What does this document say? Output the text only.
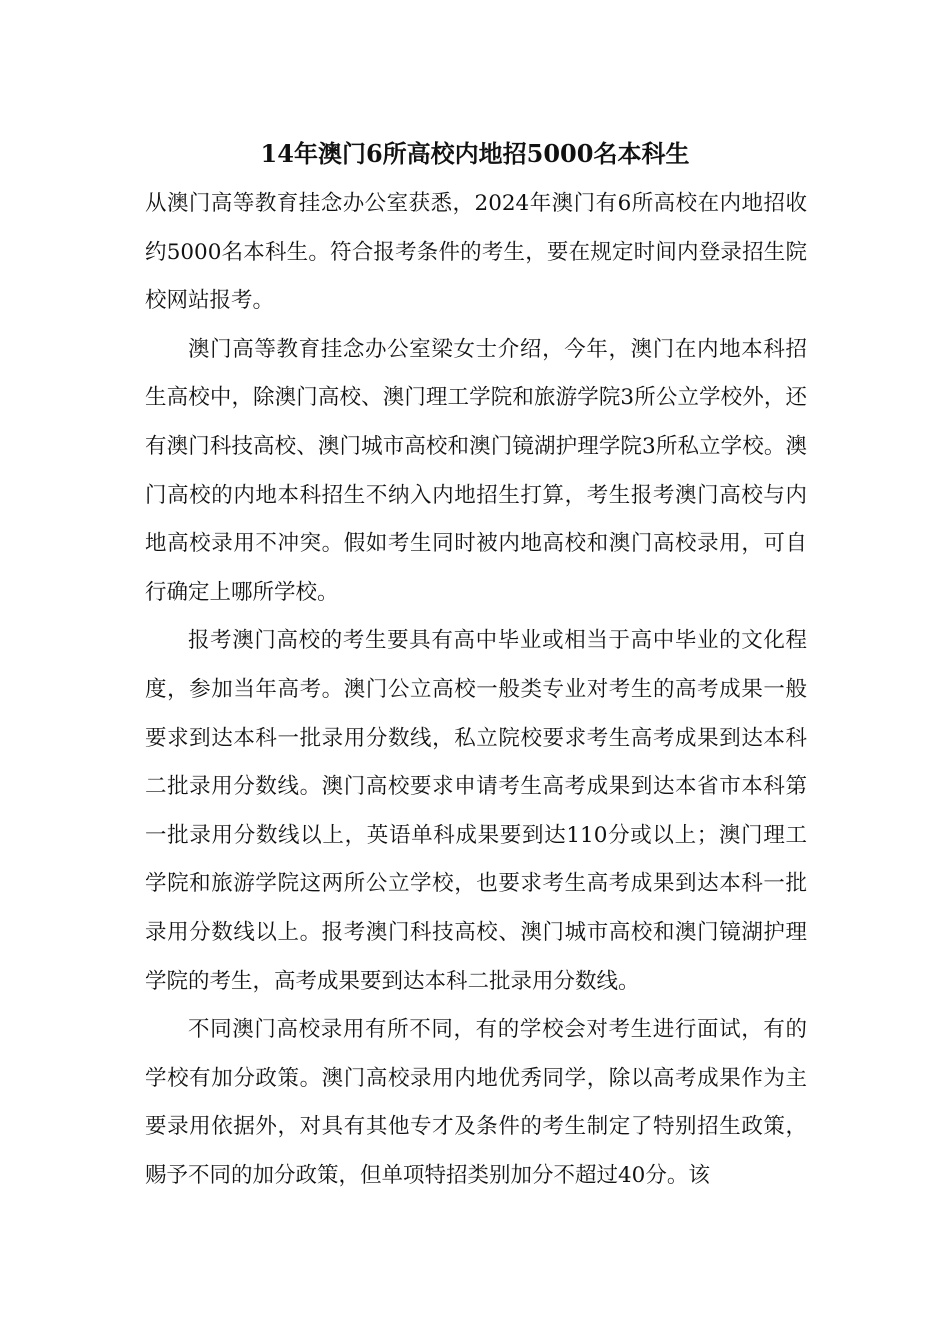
14年澳门6所高校内地招5000名本科生

从澳门高等教育挂念办公室获悉，2024年澳门有6所高校在内地招收约5000名本科生。符合报考条件的考生，要在规定时间内登录招生院校网站报考。

澳门高等教育挂念办公室梁女士介绍，今年，澳门在内地本科招生高校中，除澳门高校、澳门理工学院和旅游学院3所公立学校外，还有澳门科技高校、澳门城市高校和澳门镜湖护理学院3所私立学校。澳门高校的内地本科招生不纳入内地招生打算，考生报考澳门高校与内地高校录用不冲突。假如考生同时被内地高校和澳门高校录用，可自行确定上哪所学校。

报考澳门高校的考生要具有高中毕业或相当于高中毕业的文化程度，参加当年高考。澳门公立高校一般类专业对考生的高考成果一般要求到达本科一批录用分数线，私立院校要求考生高考成果到达本科二批录用分数线。澳门高校要求申请考生高考成果到达本省市本科第一批录用分数线以上，英语单科成果要到达110分或以上；澳门理工学院和旅游学院这两所公立学校，也要求考生高考成果到达本科一批录用分数线以上。报考澳门科技高校、澳门城市高校和澳门镜湖护理学院的考生，高考成果要到达本科二批录用分数线。

不同澳门高校录用有所不同，有的学校会对考生进行面试，有的学校有加分政策。澳门高校录用内地优秀同学，除以高考成果作为主要录用依据外，对具有其他专才及条件的考生制定了特别招生政策，赐予不同的加分政策，但单项特招类别加分不超过40分。该
